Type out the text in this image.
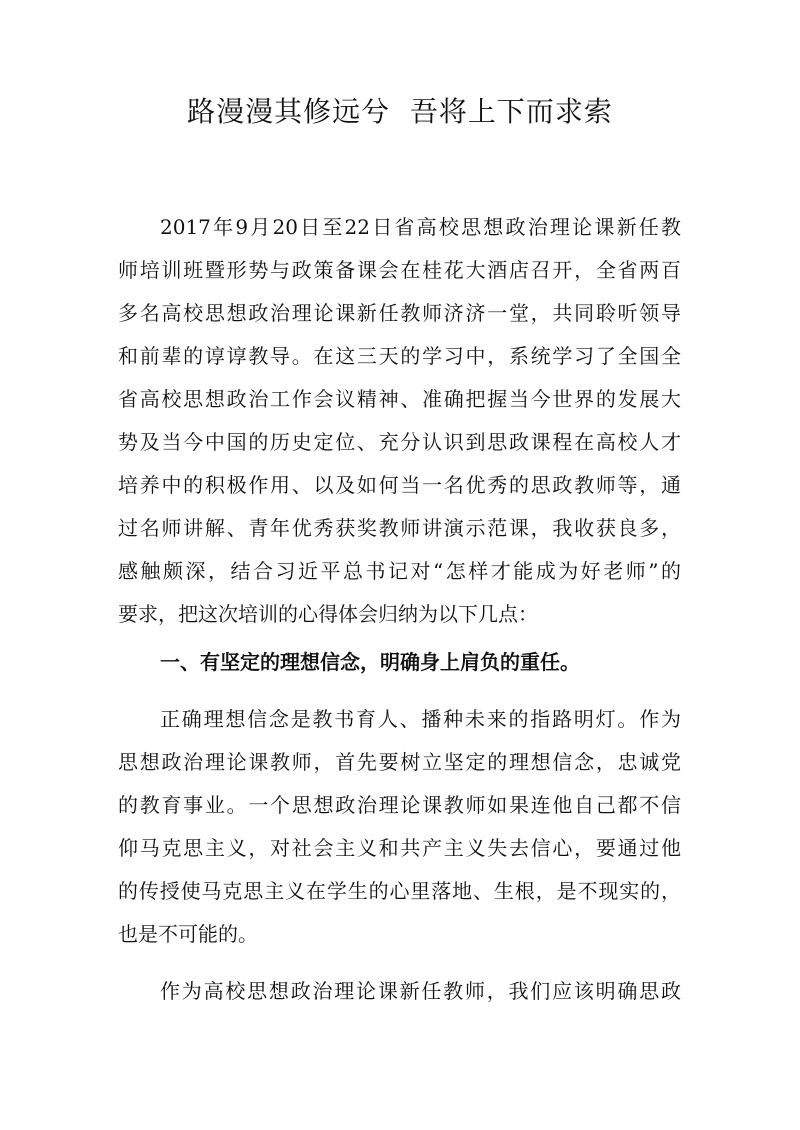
路漫漫其修远兮  吾将上下而求索

2017年9月20日至22日省高校思想政治理论课新任教

师培训班暨形势与政策备课会在桂花大酒店召开，全省两百

多名高校思想政治理论课新任教师济济一堂，共同聆听领导

和前辈的谆谆教导。在这三天的学习中，系统学习了全国全

省高校思想政治工作会议精神、准确把握当今世界的发展大

势及当今中国的历史定位、充分认识到思政课程在高校人才

培养中的积极作用、以及如何当一名优秀的思政教师等，通

过名师讲解、青年优秀获奖教师讲演示范课，我收获良多，

感触颇深，结合习近平总书记对“怎样才能成为好老师”的

要求，把这次培训的心得体会归纳为以下几点：

一、有坚定的理想信念，明确身上肩负的重任。

正确理想信念是教书育人、播种未来的指路明灯。作为

思想政治理论课教师，首先要树立坚定的理想信念，忠诚党

的教育事业。一个思想政治理论课教师如果连他自己都不信

仰马克思主义，对社会主义和共产主义失去信心，要通过他

的传授使马克思主义在学生的心里落地、生根，是不现实的，

也是不可能的。

作为高校思想政治理论课新任教师，我们应该明确思政
